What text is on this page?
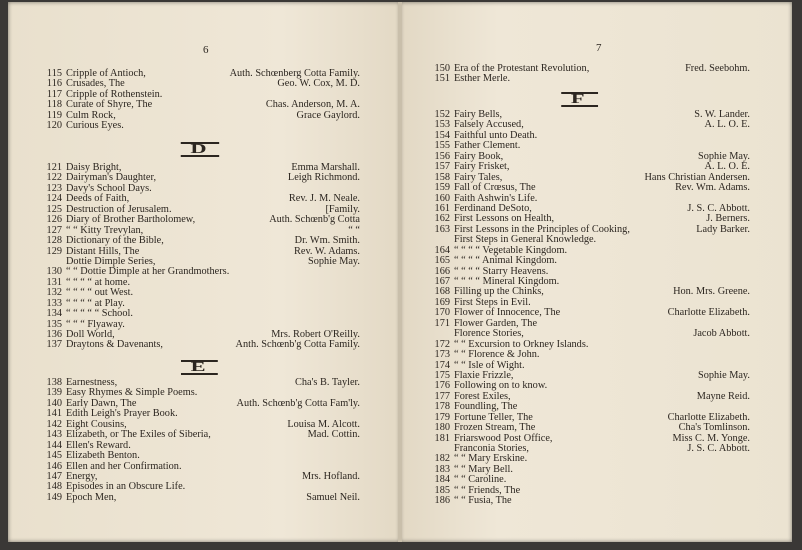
6	7
115 Cripple of Antioch,	Auth. Schœnberg Cotta Family.
116 Crusades, The	Geo. W. Cox, M. D.
117 Cripple of Rothenstein.
118 Curate of Shyre, The	Chas. Anderson, M. A.
119 Culm Rock,	Grace Gaylord.
120 Curious Eyes.
D
121 Daisy Bright,	Emma Marshall.
122 Dairyman's Daughter,	Leigh Richmond.
123 Davy's School Days.
124 Deeds of Faith,	Rev. J. M. Neale.
125 Destruction of Jerusalem.	[Family.
126 Diary of Brother Bartholomew,	Auth. Schœnb'g Cotta
127 “ “ Kitty Trevylan,	“ “
128 Dictionary of the Bible,	Dr. Wm. Smith.
129 Distant Hills, The	Rev. W. Adams.
Dottie Dimple Series,	Sophie May.
130 “ “ Dottie Dimple at her Grandmothers.
131 “ “ “ “ at home.
132 “ “ “ “ out West.
133 “ “ “ “ at Play.
134 “ “ “ “ “ School.
135 “ “ “ Flyaway.
136 Doll World,	Mrs. Robert O'Reilly.
137 Draytons & Davenants,	Anth. Schœnb'g Cotta Family.
E
138 Earnestness,	Cha's B. Tayler.
139 Easy Rhymes & Simple Poems.
140 Early Dawn, The	Auth. Schœnb'g Cotta Fam'ly.
141 Edith Leigh's Prayer Book.
142 Eight Cousins,	Louisa M. Alcott.
143 Elizabeth, or The Exiles of Siberia,	Mad. Cottin.
144 Ellen's Reward.
145 Elizabeth Benton.
146 Ellen and her Confirmation.
147 Energy,	Mrs. Hofland.
148 Episodes in an Obscure Life.
149 Epoch Men,	Samuel Neil.
150 Era of the Protestant Revolution,	Fred. Seebohm.
151 Esther Merle.
F
152 Fairy Bells,	S. W. Lander.
153 Falsely Accused,	A. L. O. E.
154 Faithful unto Death.
155 Father Clement.
156 Fairy Book,	Sophie May.
157 Fairy Frisket,	A. L. O. E.
158 Fairy Tales,	Hans Christian Andersen.
159 Fall of Crœsus, The	Rev. Wm. Adams.
160 Faith Ashwin's Life.
161 Ferdinand DeSoto,	J. S. C. Abbott.
162 First Lessons on Health,	J. Berners.
163 First Lessons in the Principles of Cooking,	Lady Barker.
First Steps in General Knowledge.
164 “ “ “ “ Vegetable Kingdom.
165 “ “ “ “ Animal Kingdom.
166 “ “ “ “ Starry Heavens.
167 “ “ “ “ Mineral Kingdom.
168 Filling up the Chinks,	Hon. Mrs. Greene.
169 First Steps in Evil.
170 Flower of Innocence, The	Charlotte Elizabeth.
171 Flower Garden, The
Florence Stories,	Jacob Abbott.
172 “ “ Excursion to Orkney Islands.
173 “ “ Florence & John.
174 “ “ Isle of Wight.
175 Flaxie Frizzle,	Sophie May.
176 Following on to know.
177 Forest Exiles,	Mayne Reid.
178 Foundling, The
179 Fortune Teller, The	Charlotte Elizabeth.
180 Frozen Stream, The	Cha's Tomlinson.
181 Friarswood Post Office,	Miss C. M. Yonge.
Franconia Stories,	J. S. C. Abbott.
182 “ “ Mary Erskine.
183 “ “ Mary Bell.
184 “ “ Caroline.
185 “ “ Friends, The
186 “ “ Fusia, The
